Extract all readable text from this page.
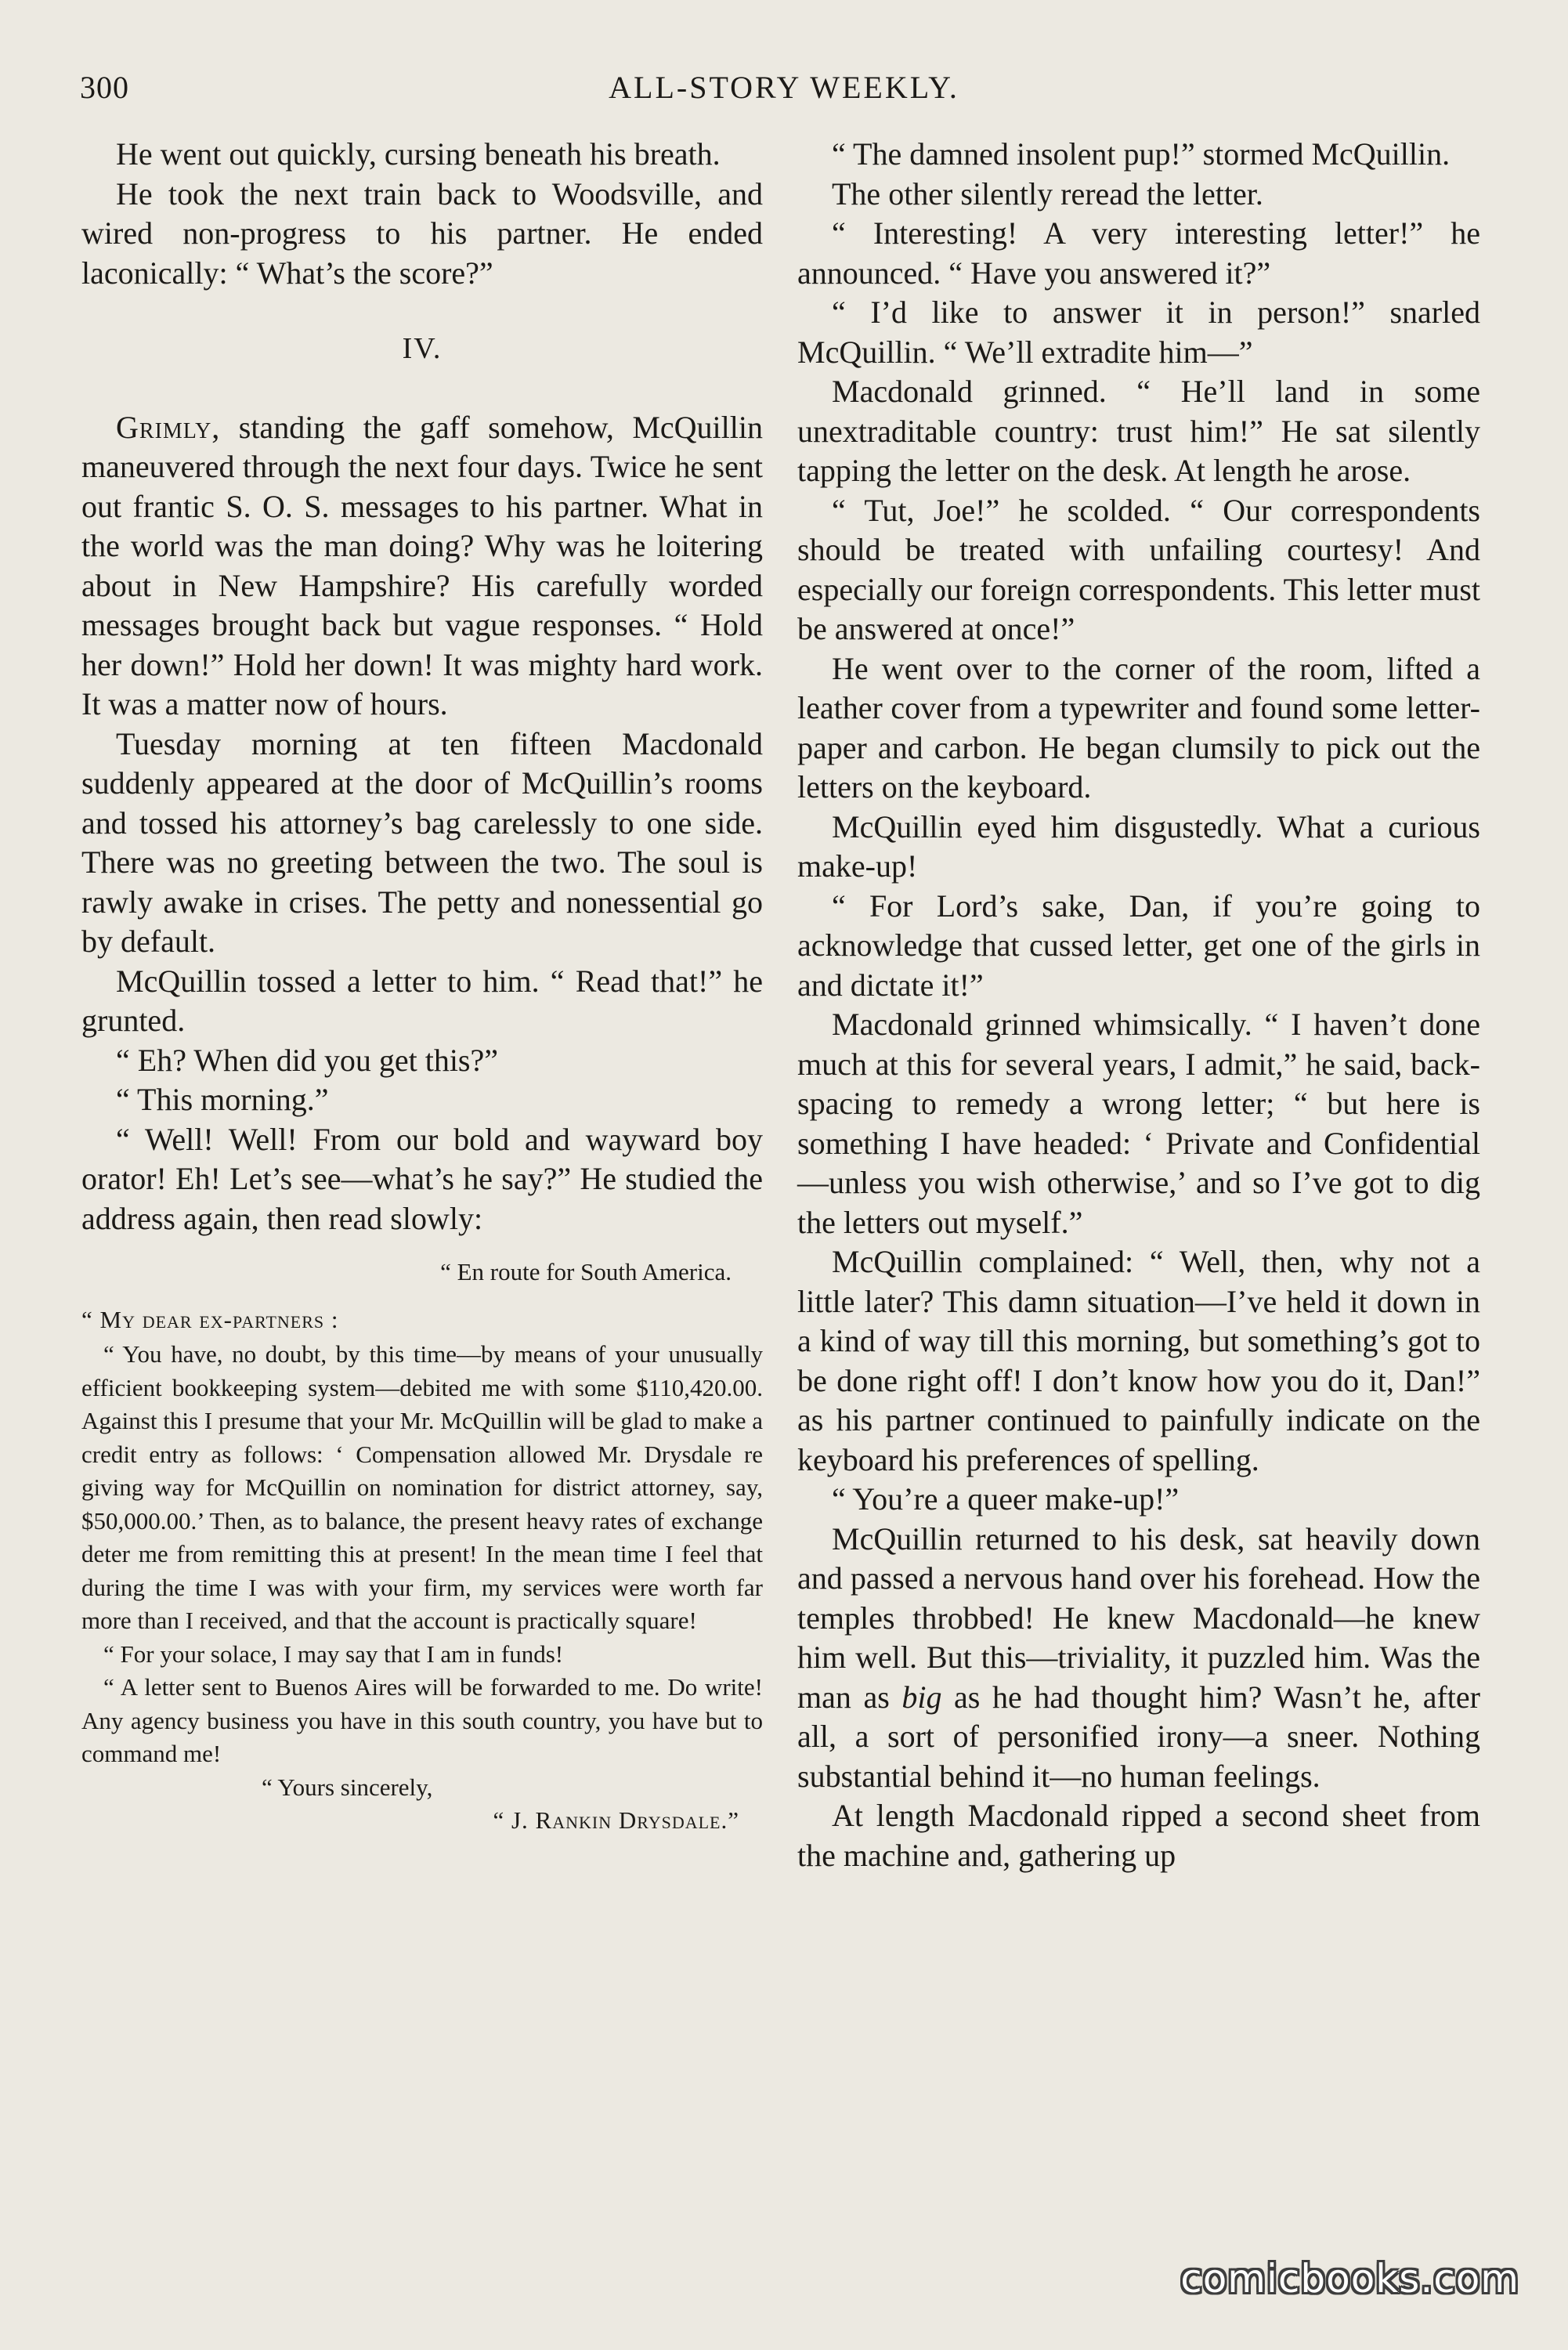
300	ALL-STORY WEEKLY.

He went out quickly, cursing beneath his breath.

He took the next train back to Woodsville, and wired non-progress to his partner. He ended laconically: “ What’s the score?”

IV.

Grimly, standing the gaff somehow, McQuillin maneuvered through the next four days. Twice he sent out frantic S. O. S. messages to his partner. What in the world was the man doing? Why was he loitering about in New Hampshire? His carefully worded messages brought back but vague responses. “ Hold her down!” Hold her down! It was mighty hard work. It was a matter now of hours.

Tuesday morning at ten fifteen Macdonald suddenly appeared at the door of McQuillin’s rooms and tossed his attorney’s bag carelessly to one side. There was no greeting between the two. The soul is rawly awake in crises. The petty and nonessential go by default.

McQuillin tossed a letter to him. “ Read that!” he grunted.

“ Eh? When did you get this?”

“ This morning.”

“ Well! Well! From our bold and wayward boy orator! Eh! Let’s see—what’s he say?” He studied the address again, then read slowly:

“ En route for South America.

“ My dear ex-partners :

“ You have, no doubt, by this time—by means of your unusually efficient bookkeeping system—debited me with some $110,420.00. Against this I presume that your Mr. McQuillin will be glad to make a credit entry as follows: ‘ Compensation allowed Mr. Drysdale re giving way for McQuillin on nomination for district attorney, say, $50,000.00.’ Then, as to balance, the present heavy rates of exchange deter me from remitting this at present! In the mean time I feel that during the time I was with your firm, my services were worth far more than I received, and that the account is practically square!

“ For your solace, I may say that I am in funds!

“ A letter sent to Buenos Aires will be forwarded to me. Do write! Any agency business you have in this south country, you have but to command me!

“ Yours sincerely,

“ J. Rankin Drysdale.”

“ The damned insolent pup!” stormed McQuillin.

The other silently reread the letter.

“ Interesting! A very interesting letter!” he announced. “ Have you answered it?”

“ I’d like to answer it in person!” snarled McQuillin. “ We’ll extradite him—”

Macdonald grinned. “ He’ll land in some unextraditable country: trust him!” He sat silently tapping the letter on the desk. At length he arose.

“ Tut, Joe!” he scolded. “ Our correspondents should be treated with unfailing courtesy! And especially our foreign correspondents. This letter must be answered at once!”

He went over to the corner of the room, lifted a leather cover from a typewriter and found some letter-paper and carbon. He began clumsily to pick out the letters on the keyboard.

McQuillin eyed him disgustedly. What a curious make-up!

“ For Lord’s sake, Dan, if you’re going to acknowledge that cussed letter, get one of the girls in and dictate it!”

Macdonald grinned whimsically. “ I haven’t done much at this for several years, I admit,” he said, back-spacing to remedy a wrong letter; “ but here is something I have headed: ‘ Private and Confidential—unless you wish otherwise,’ and so I’ve got to dig the letters out myself.”

McQuillin complained: “ Well, then, why not a little later? This damn situation—I’ve held it down in a kind of way till this morning, but something’s got to be done right off! I don’t know how you do it, Dan!” as his partner continued to painfully indicate on the keyboard his preferences of spelling.

“ You’re a queer make-up!”

McQuillin returned to his desk, sat heavily down and passed a nervous hand over his forehead. How the temples throbbed! He knew Macdonald—he knew him well. But this—triviality, it puzzled him. Was the man as big as he had thought him? Wasn’t he, after all, a sort of personified irony—a sneer. Nothing substantial behind it—no human feelings.

At length Macdonald ripped a second sheet from the machine and, gathering up

comicbooks.com
